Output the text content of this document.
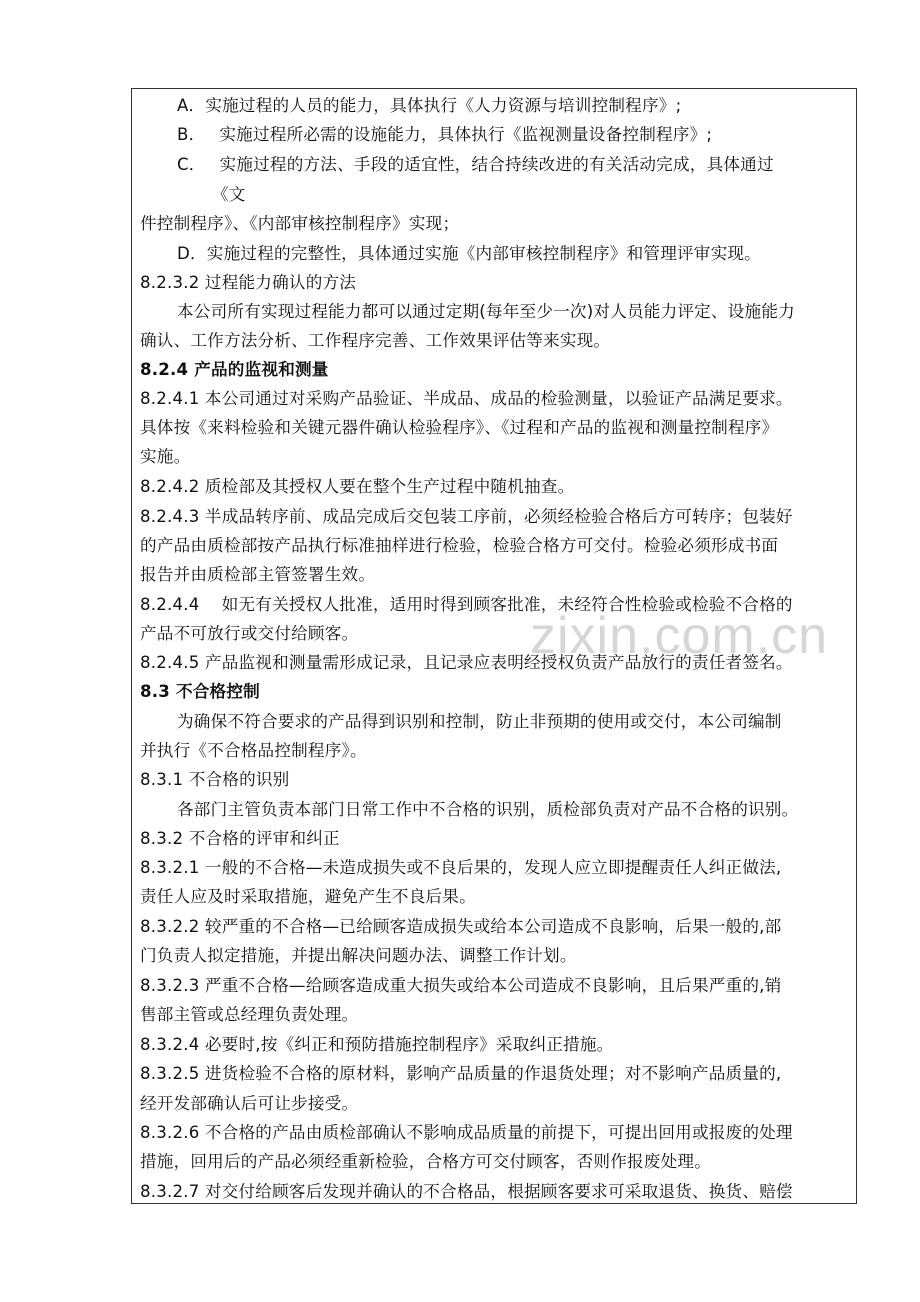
A．实施过程的人员的能力，具体执行《人力资源与培训控制程序》;
B．　 实施过程所必需的设施能力，具体执行《监视测量设备控制程序》;
C．　 实施过程的方法、手段的适宜性，结合持续改进的有关活动完成，具体通过
《文
件控制程序》、《内部审核控制程序》实现；
D．实施过程的完整性，具体通过实施《内部审核控制程序》和管理评审实现。
8.2.3.2 过程能力确认的方法
本公司所有实现过程能力都可以通过定期(每年至少一次)对人员能力评定、设施能力
确认、工作方法分析、工作程序完善、工作效果评估等来实现。
8.2.4 产品的监视和测量
8.2.4.1 本公司通过对采购产品验证、半成品、成品的检验测量，以验证产品满足要求。
具体按《来料检验和关键元器件确认检验程序》、《过程和产品的监视和测量控制程序》
实施。
8.2.4.2 质检部及其授权人要在整个生产过程中随机抽查。
8.2.4.3 半成品转序前、成品完成后交包装工序前，必须经检验合格后方可转序；包装好
的产品由质检部按产品执行标准抽样进行检验，检验合格方可交付。检验必须形成书面
报告并由质检部主管签署生效。
8.2.4.4　 如无有关授权人批准，适用时得到顾客批准，未经符合性检验或检验不合格的
产品不可放行或交付给顾客。
8.2.4.5 产品监视和测量需形成记录，且记录应表明经授权负责产品放行的责任者签名。
8.3 不合格控制
为确保不符合要求的产品得到识别和控制，防止非预期的使用或交付，本公司编制
并执行《不合格品控制程序》。
8.3.1 不合格的识别
各部门主管负责本部门日常工作中不合格的识别，质检部负责对产品不合格的识别。
8.3.2 不合格的评审和纠正
8.3.2.1 一般的不合格—未造成损失或不良后果的，发现人应立即提醒责任人纠正做法,
责任人应及时采取措施，避免产生不良后果。
8.3.2.2 较严重的不合格—已给顾客造成损失或给本公司造成不良影响，后果一般的,部
门负责人拟定措施，并提出解决问题办法、调整工作计划。
8.3.2.3 严重不合格—给顾客造成重大损失或给本公司造成不良影响，且后果严重的,销
售部主管或总经理负责处理。
8.3.2.4 必要时,按《纠正和预防措施控制程序》采取纠正措施。
8.3.2.5 进货检验不合格的原材料，影响产品质量的作退货处理；对不影响产品质量的,
经开发部确认后可让步接受。
8.3.2.6 不合格的产品由质检部确认不影响成品质量的前提下，可提出回用或报废的处理
措施，回用后的产品必须经重新检验，合格方可交付顾客，否则作报废处理。
8.3.2.7 对交付给顾客后发现并确认的不合格品，根据顾客要求可采取退货、换货、赔偿
zixin.com.cn
